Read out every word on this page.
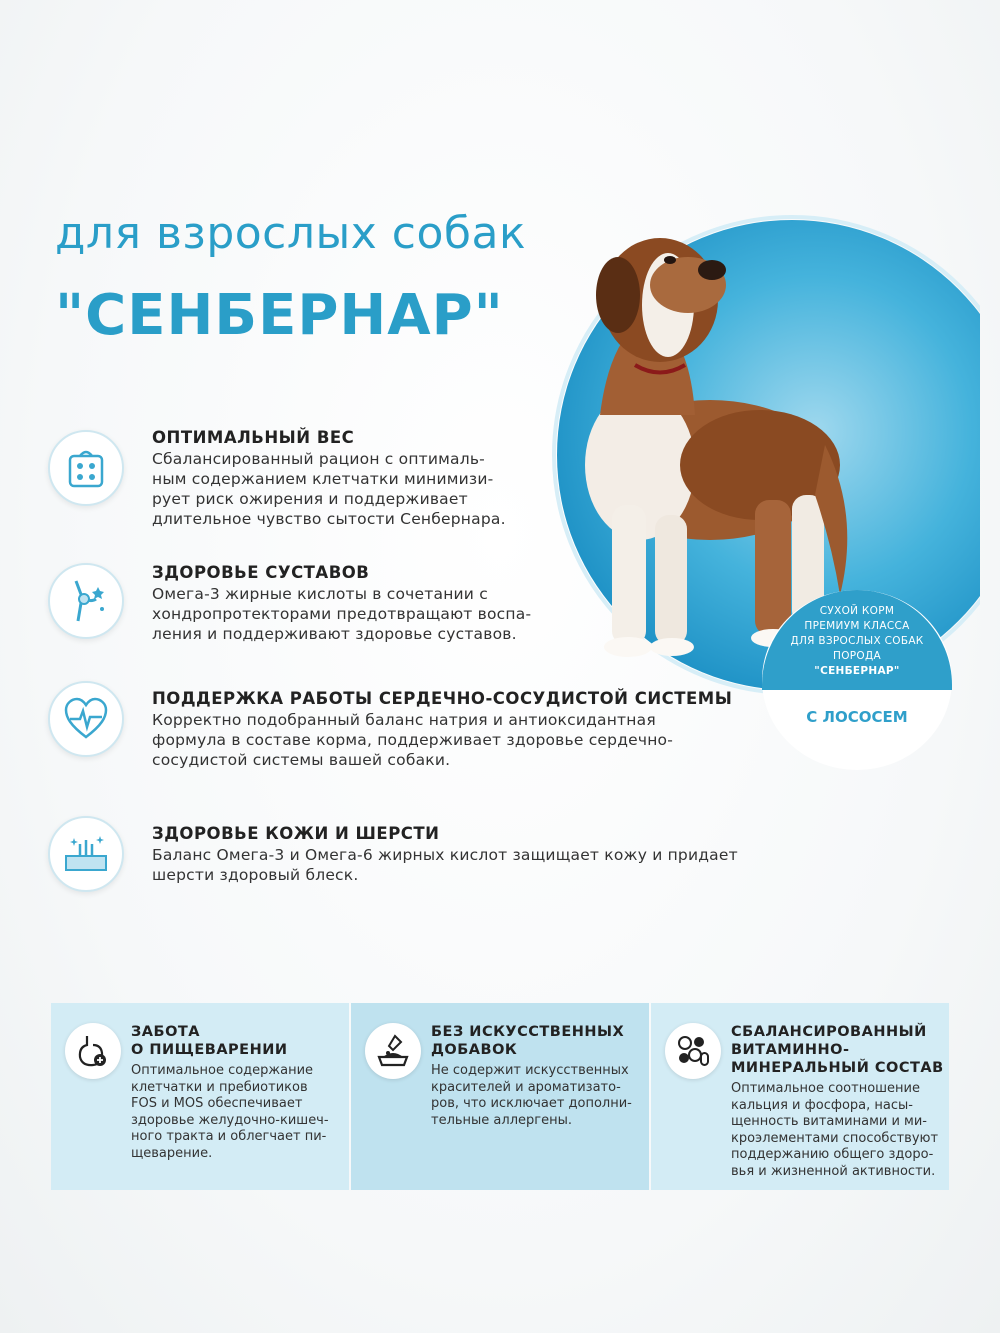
для взрослых собак
"СЕНБЕРНАР"
ОПТИМАЛЬНЫЙ ВЕС

Сбалансированный рацион с оптималь-
ным содержанием клетчатки минимизи-
рует риск ожирения и поддерживает
длительное чувство сытости Сенбернара.

ЗДОРОВЬЕ СУСТАВОВ

Омега-3 жирные кислоты в сочетании с
хондропротекторами предотвращают воспа-
ления и поддерживают здоровье суставов.

ПОДДЕРЖКА РАБОТЫ СЕРДЕЧНО-СОСУДИСТОЙ СИСТЕМЫ

Корректно подобранный баланс натрия и антиоксидантная
формула в составе корма, поддерживает здоровье сердечно-
сосудистой системы вашей собаки.

ЗДОРОВЬЕ КОЖИ И ШЕРСТИ

Баланс Омега-3 и Омега-6 жирных кислот защищает кожу и придает
шерсти здоровый блеск.

СУХОЙ КОРМ
ПРЕМИУМ КЛАССА
ДЛЯ ВЗРОСЛЫХ СОБАК
ПОРОДА
"СЕНБЕРНАР"
С ЛОСОСЕМ
ЗАБОТА
О ПИЩЕВАРЕНИИ

Оптимальное содержание
клетчатки и пребиотиков
FOS и MOS обеспечивает
здоровье желудочно-кишеч-
ного тракта и облегчает пи-
щеварение.

БЕЗ ИСКУССТВЕННЫХ
ДОБАВОК

Не содержит искусственных
красителей и ароматизато-
ров, что исключает дополни-
тельные аллергены.

СБАЛАНСИРОВАННЫЙ
ВИТАМИННО-
МИНЕРАЛЬНЫЙ СОСТАВ

Оптимальное соотношение
кальция и фосфора, насы-
щенность витаминами и ми-
кроэлементами способствуют
поддержанию общего здоро-
вья и жизненной активности.
